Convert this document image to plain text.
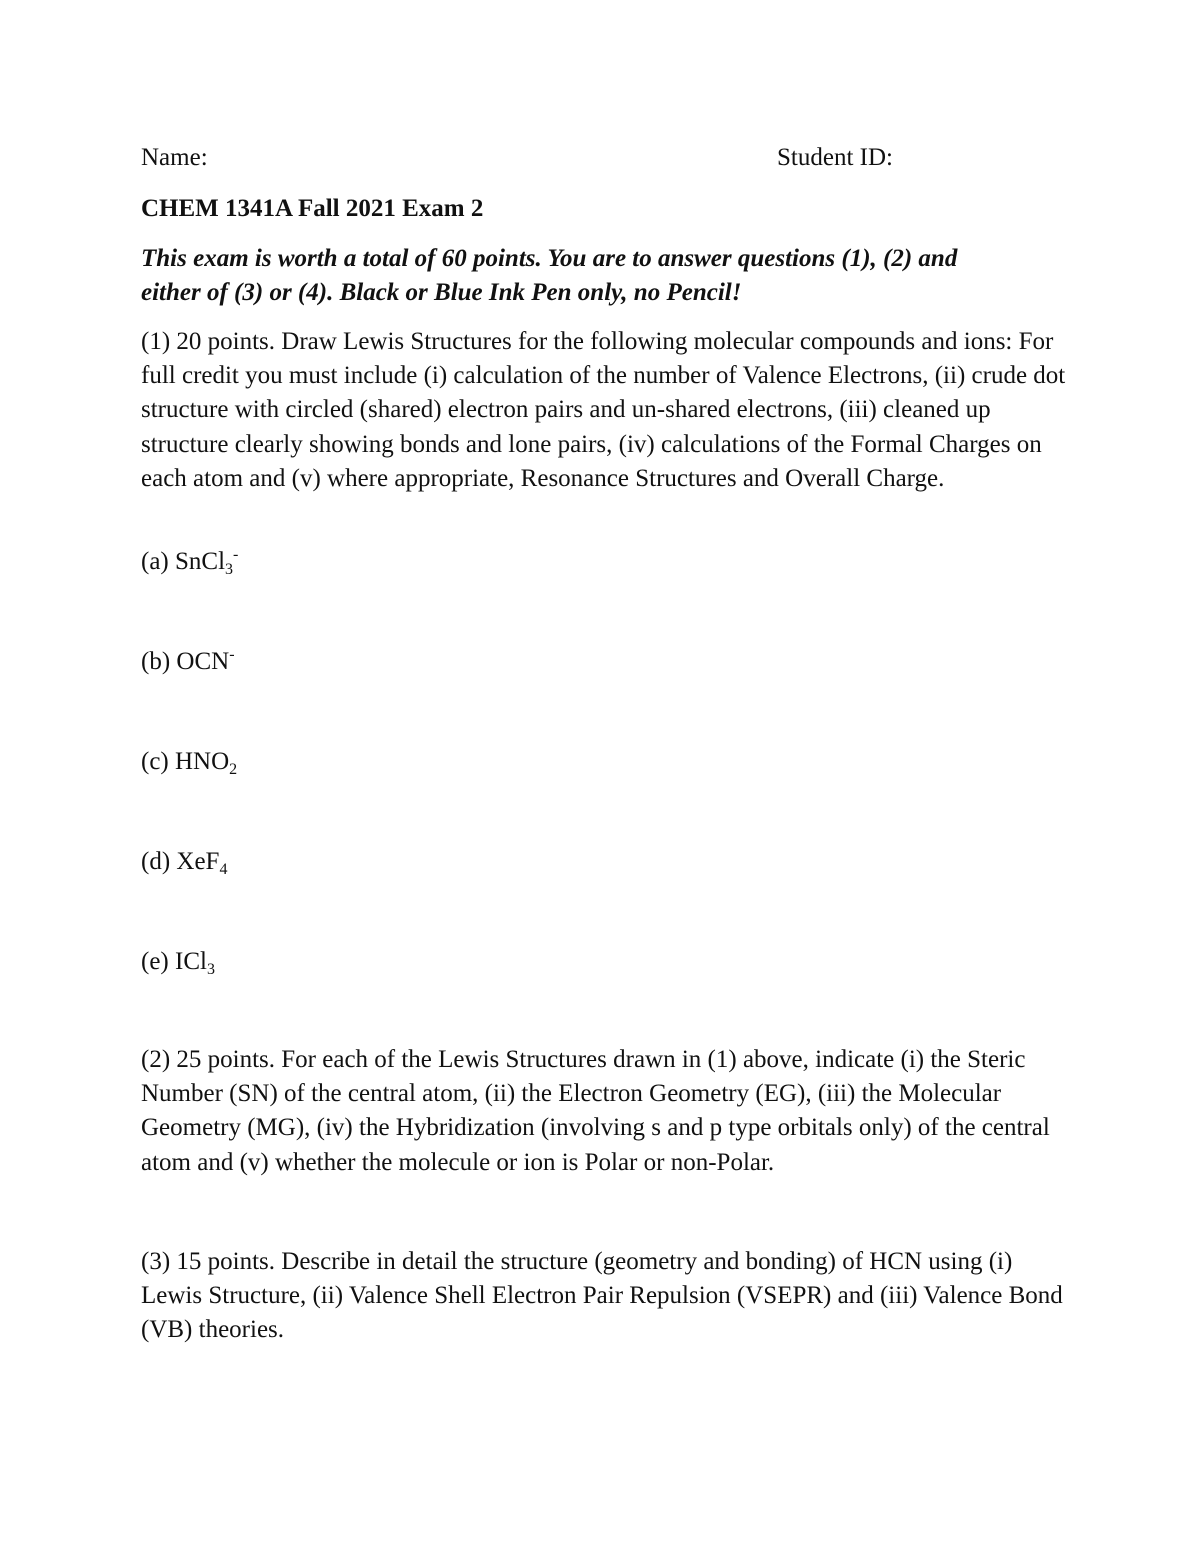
Name:	Student ID:
CHEM 1341A Fall 2021 Exam 2
This exam is worth a total of 60 points. You are to answer questions (1), (2) and
either of (3) or (4). Black or Blue Ink Pen only, no Pencil!
(1) 20 points. Draw Lewis Structures for the following molecular compounds and ions: For full credit you must include (i) calculation of the number of Valence Electrons, (ii) crude dot structure with circled (shared) electron pairs and un-shared electrons, (iii) cleaned up structure clearly showing bonds and lone pairs, (iv) calculations of the Formal Charges on each atom and (v) where appropriate, Resonance Structures and Overall Charge.
(a) SnCl$_3$-
(b) OCN-
(c) $HNO_2$
(d) XeF$_4$
(e) ICl$_3$
(2) 25 points. For each of the Lewis Structures drawn in (1) above, indicate (i) the Steric Number (SN) of the central atom, (ii) the Electron Geometry (EG), (iii) the Molecular Geometry (MG), (iv) the Hybridization (involving s and p type orbitals only) of the central atom and (v) whether the molecule or ion is Polar or non-Polar.
(3) 15 points. Describe in detail the structure (geometry and bonding) of HCN using (i) Lewis Structure, (ii) Valence Shell Electron Pair Repulsion (VSEPR) and (iii) Valence Bond (VB) theories.
